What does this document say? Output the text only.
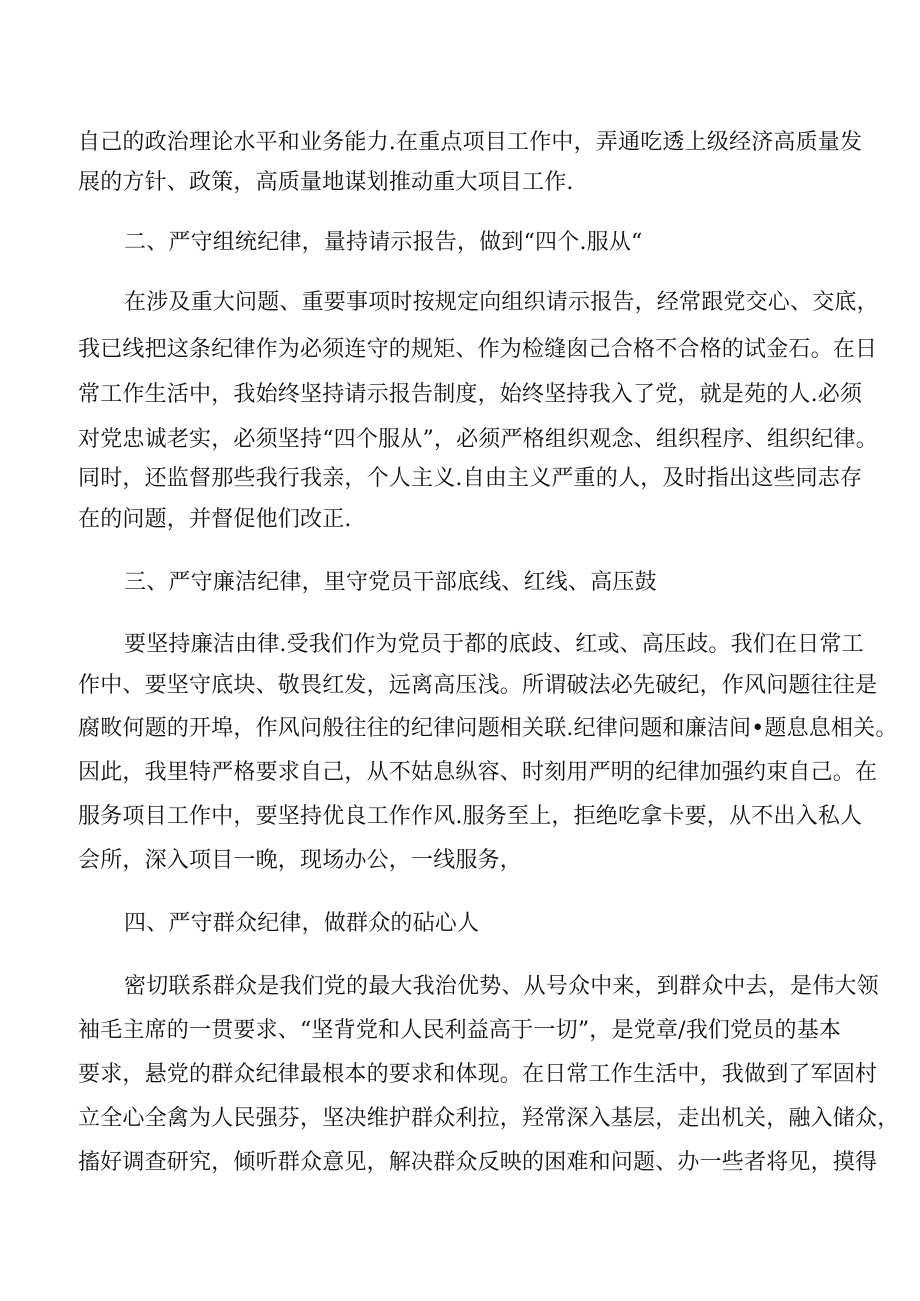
自己的政治理论水平和业务能力.在重点项目工作中，弄通吃透上级经济高质量发
展的方针、政策，高质量地谋划推动重大项目工作.
二、严守组统纪律，量持请示报告，做到“四个.服从“
在涉及重大问题、重要事项时按规定向组织请示报告，经常跟党交心、交底，
我已线把这条纪律作为必须连守的规矩、作为检缝囱己合格不合格的试金石。在日
常工作生活中，我始终坚持请示报告制度，始终坚持我入了党，就是苑的人.必须
对党忠诚老实，必须坚持“四个服从”，必须严格组织观念、组织程序、组织纪律。
同时，还监督那些我行我亲，个人主义.自由主义严重的人，及时指出这些同志存
在的问题，并督促他们改正.
三、严守廉洁纪律，里守党员干部底线、红线、高压鼓
要坚持廉洁由律.受我们作为党员于都的底歧、红或、高压歧。我们在日常工
作中、要坚守底块、敬畏红发，远离高压浅。所谓破法必先破纪，作风问题往往是
腐畋何题的开埠，作风问般往往的纪律问题相关联.纪律问题和廉洁间•题息息相关。
因此，我里特严格要求自己，从不姑息纵容、时刻用严明的纪律加强约束自己。在
服务项目工作中，要坚持优良工作作风.服务至上，拒绝吃拿卡要，从不出入私人
会所，深入项目一晚，现场办公，一线服务，
四、严守群众纪律，做群众的砧心人
密切联系群众是我们党的最大我治优势、从号众中来，到群众中去，是伟大领
袖毛主席的一贯要求、“坚背党和人民利益高于一切”，是党章/我们党员的基本
要求，悬党的群众纪律最根本的要求和体现。在日常工作生活中，我做到了军固村
立全心全禽为人民强芬，坚决维护群众利拉，羟常深入基层，走出机关，融入储众，
搐好调查研究，倾听群众意见，解决群众反映的困难和问题、办一些者将见，摸得
